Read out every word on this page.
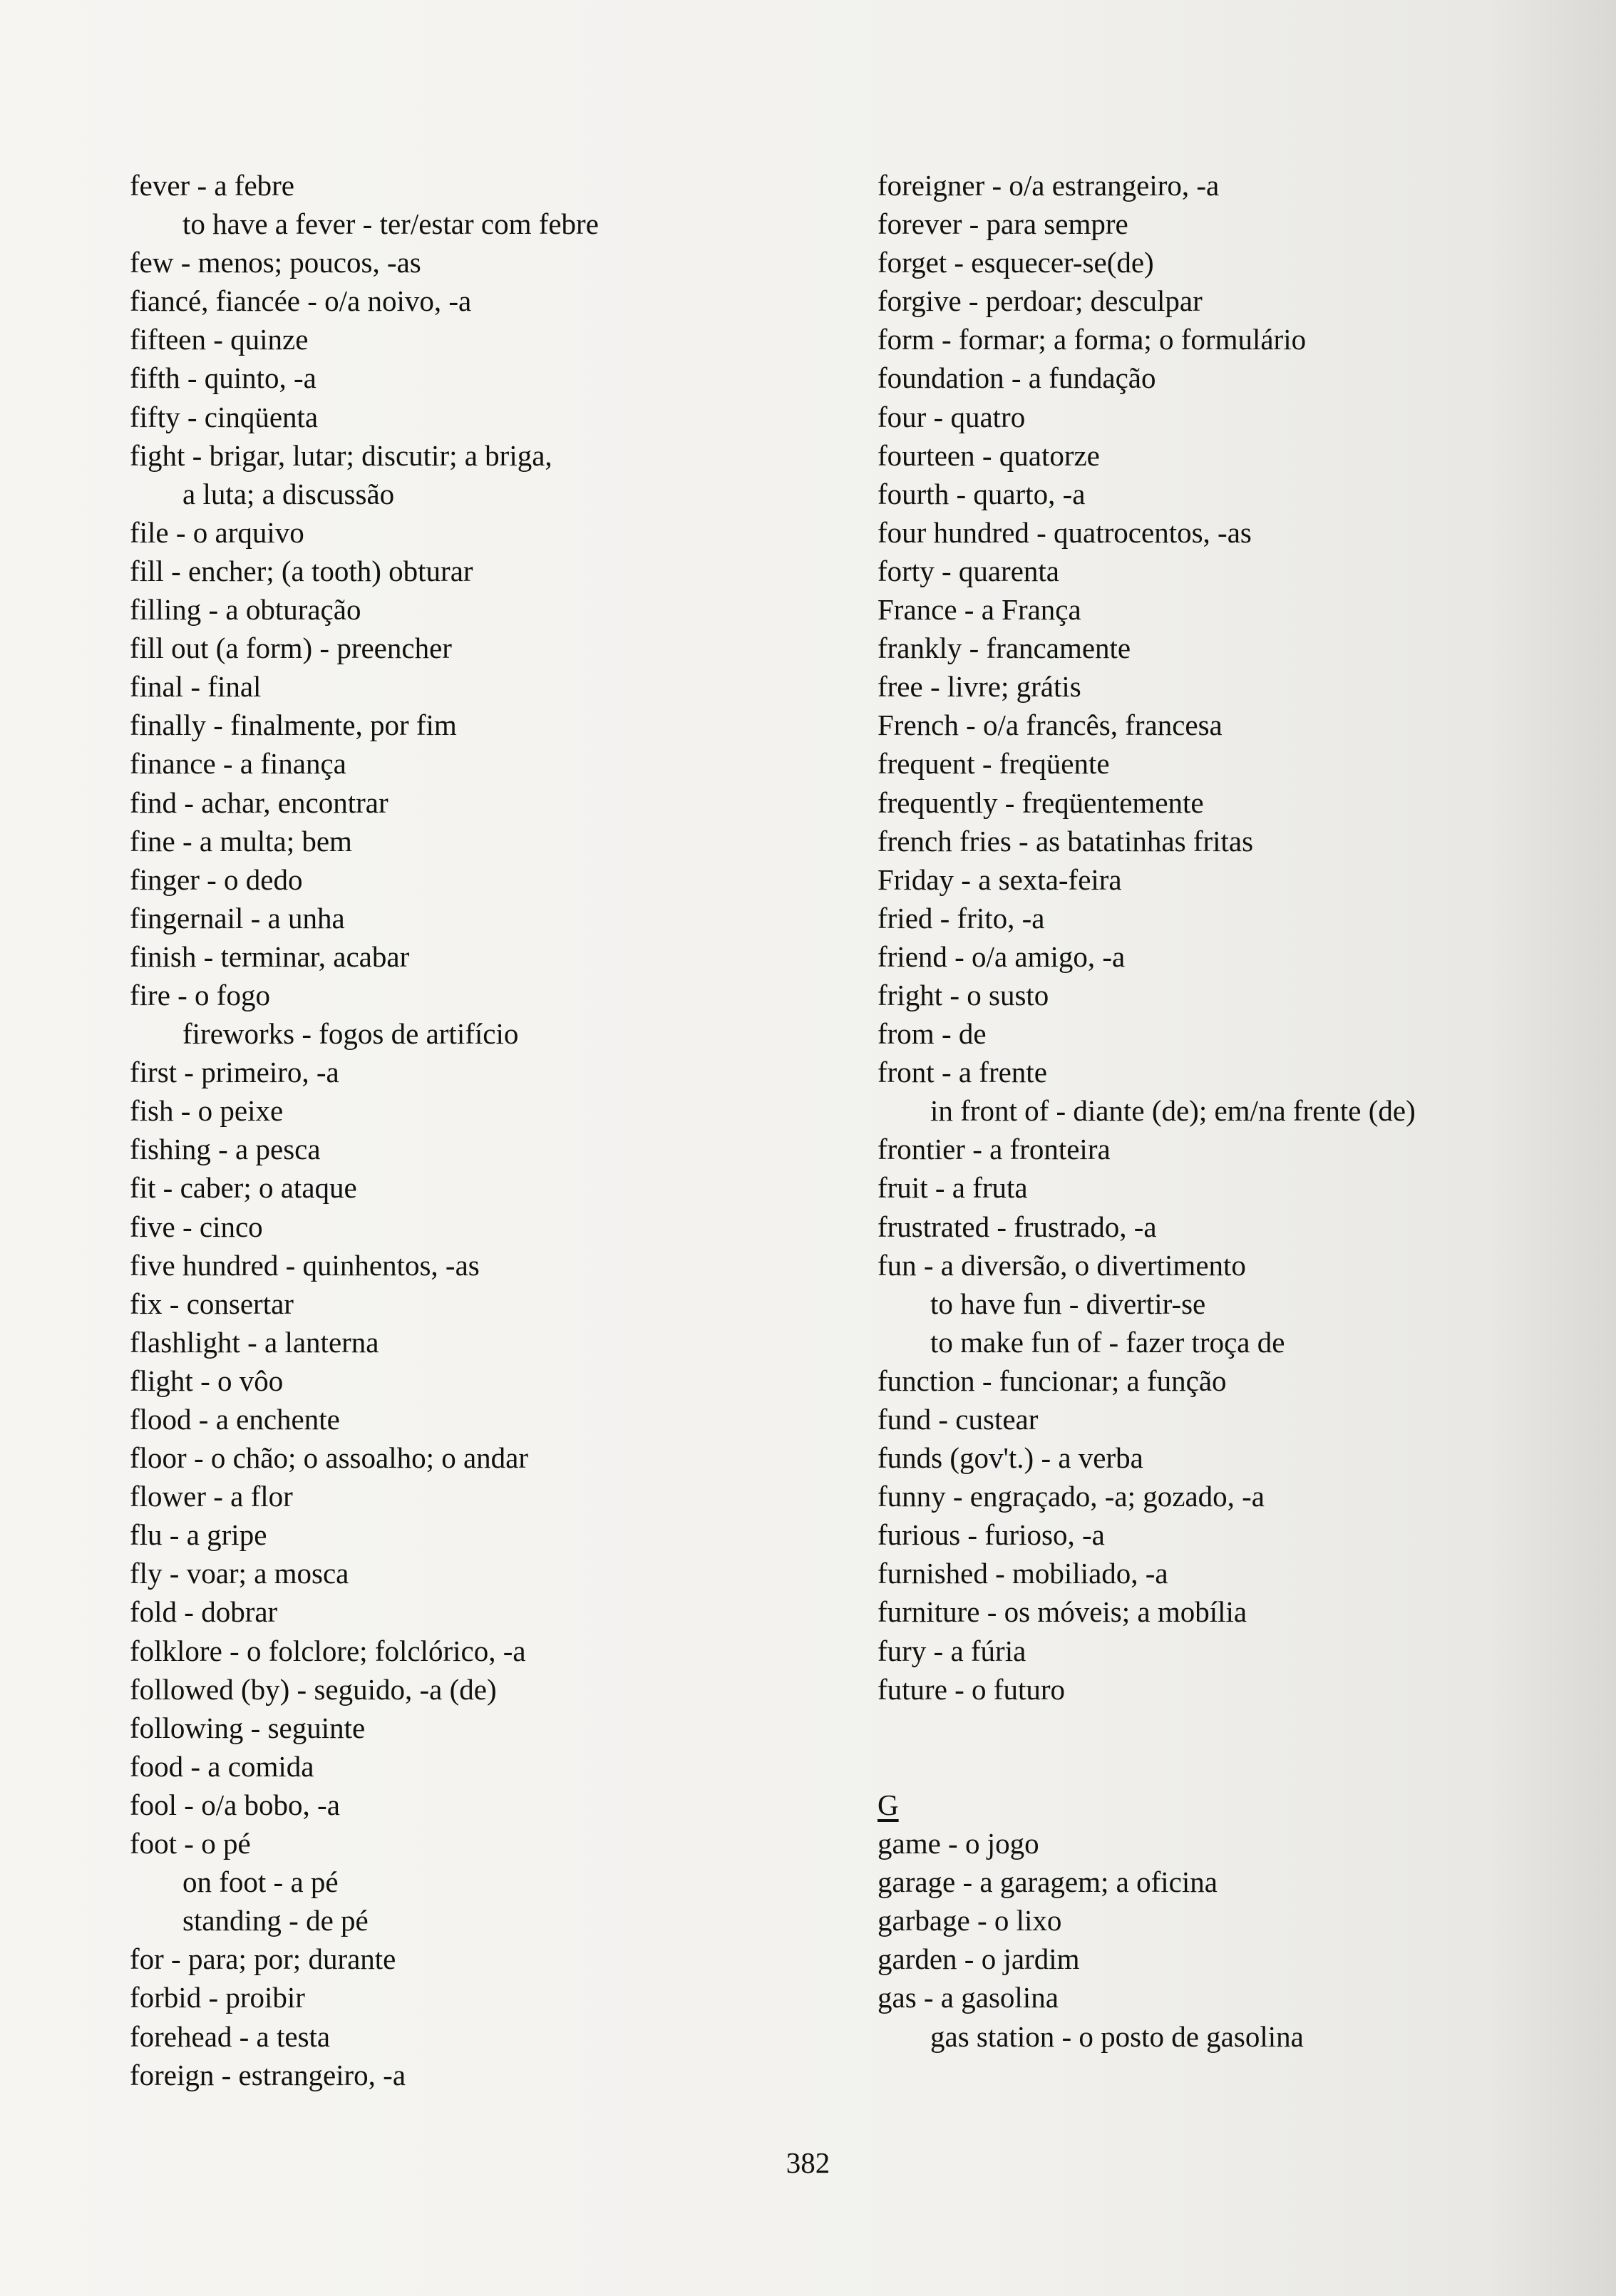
fever - a febre
to have a fever - ter/estar com febre
few - menos; poucos, -as
fiancé, fiancée - o/a noivo, -a
fifteen - quinze
fifth - quinto, -a
fifty - cinqüenta
fight - brigar, lutar; discutir; a briga,
a luta; a discussão
file - o arquivo
fill - encher; (a tooth) obturar
filling - a obturação
fill out (a form) - preencher
final - final
finally - finalmente, por fim
finance - a finança
find - achar, encontrar
fine - a multa; bem
finger - o dedo
fingernail - a unha
finish - terminar, acabar
fire - o fogo
fireworks - fogos de artifício
first - primeiro, -a
fish - o peixe
fishing - a pesca
fit - caber; o ataque
five - cinco
five hundred - quinhentos, -as
fix - consertar
flashlight - a lanterna
flight - o vôo
flood - a enchente
floor - o chão; o assoalho; o andar
flower - a flor
flu - a gripe
fly - voar; a mosca
fold - dobrar
folklore - o folclore; folclórico, -a
followed (by) - seguido, -a (de)
following - seguinte
food - a comida
fool - o/a bobo, -a
foot - o pé
on foot - a pé
standing - de pé
for - para; por; durante
forbid - proibir
forehead - a testa
foreign - estrangeiro, -a
foreigner - o/a estrangeiro, -a
forever - para sempre
forget - esquecer-se(de)
forgive - perdoar; desculpar
form - formar; a forma; o formulário
foundation - a fundação
four - quatro
fourteen - quatorze
fourth - quarto, -a
four hundred - quatrocentos, -as
forty - quarenta
France - a França
frankly - francamente
free - livre; grátis
French - o/a francês, francesa
frequent - freqüente
frequently - freqüentemente
french fries - as batatinhas fritas
Friday - a sexta-feira
fried - frito, -a
friend - o/a amigo, -a
fright - o susto
from - de
front - a frente
in front of - diante (de); em/na frente (de)
frontier - a fronteira
fruit - a fruta
frustrated - frustrado, -a
fun - a diversão, o divertimento
to have fun - divertir-se
to make fun of - fazer troça de
function - funcionar; a função
fund - custear
funds (gov't.) - a verba
funny - engraçado, -a; gozado, -a
furious - furioso, -a
furnished - mobiliado, -a
furniture - os móveis; a mobília
fury - a fúria
future - o futuro
G
game - o jogo
garage - a garagem; a oficina
garbage - o lixo
garden - o jardim
gas - a gasolina
gas station - o posto de gasolina
382
